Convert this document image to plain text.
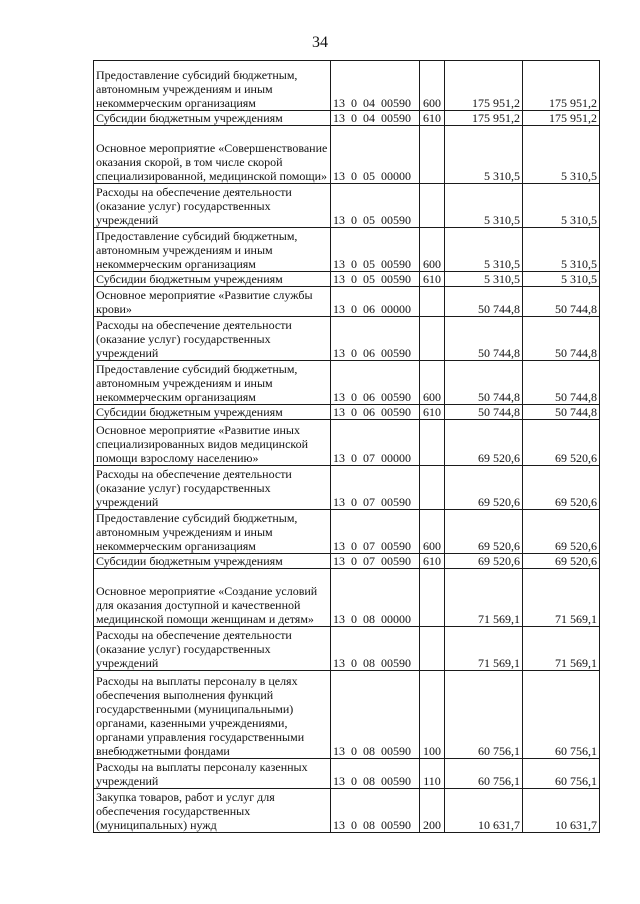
34
Предоставление субсидий бюджетным, автономным учреждениям и иным некоммерческим организациям	13  0  04  00590	600	175 951,2	175 951,2
Субсидии бюджетным учреждениям	13  0  04  00590	610	175 951,2	175 951,2
Основное мероприятие «Совершенствование оказания скорой, в том числе скорой специализированной, медицинской помощи»	13  0  05  00000		5 310,5	5 310,5
Расходы на обеспечение деятельности (оказание услуг) государственных учреждений	13  0  05  00590		5 310,5	5 310,5
Предоставление субсидий бюджетным, автономным учреждениям и иным некоммерческим организациям	13  0  05  00590	600	5 310,5	5 310,5
Субсидии бюджетным учреждениям	13  0  05  00590	610	5 310,5	5 310,5
Основное мероприятие «Развитие службы крови»	13  0  06  00000		50 744,8	50 744,8
Расходы на обеспечение деятельности (оказание услуг) государственных учреждений	13  0  06  00590		50 744,8	50 744,8
Предоставление субсидий бюджетным, автономным учреждениям и иным некоммерческим организациям	13  0  06  00590	600	50 744,8	50 744,8
Субсидии бюджетным учреждениям	13  0  06  00590	610	50 744,8	50 744,8
Основное мероприятие «Развитие иных специализированных видов медицинской помощи взрослому населению»	13  0  07  00000		69 520,6	69 520,6
Расходы на обеспечение деятельности (оказание услуг) государственных учреждений	13  0  07  00590		69 520,6	69 520,6
Предоставление субсидий бюджетным, автономным учреждениям и иным некоммерческим организациям	13  0  07  00590	600	69 520,6	69 520,6
Субсидии бюджетным учреждениям	13  0  07  00590	610	69 520,6	69 520,6
Основное мероприятие «Создание условий для оказания доступной и качественной медицинской помощи женщинам и детям»	13  0  08  00000		71 569,1	71 569,1
Расходы на обеспечение деятельности (оказание услуг) государственных учреждений	13  0  08  00590		71 569,1	71 569,1
Расходы на выплаты персоналу в целях обеспечения выполнения функций государственными (муниципальными) органами, казенными учреждениями, органами управления государственными внебюджетными фондами	13  0  08  00590	100	60 756,1	60 756,1
Расходы на выплаты персоналу казенных учреждений	13  0  08  00590	110	60 756,1	60 756,1
Закупка товаров, работ и услуг для обеспечения государственных (муниципальных) нужд	13  0  08  00590	200	10 631,7	10 631,7
